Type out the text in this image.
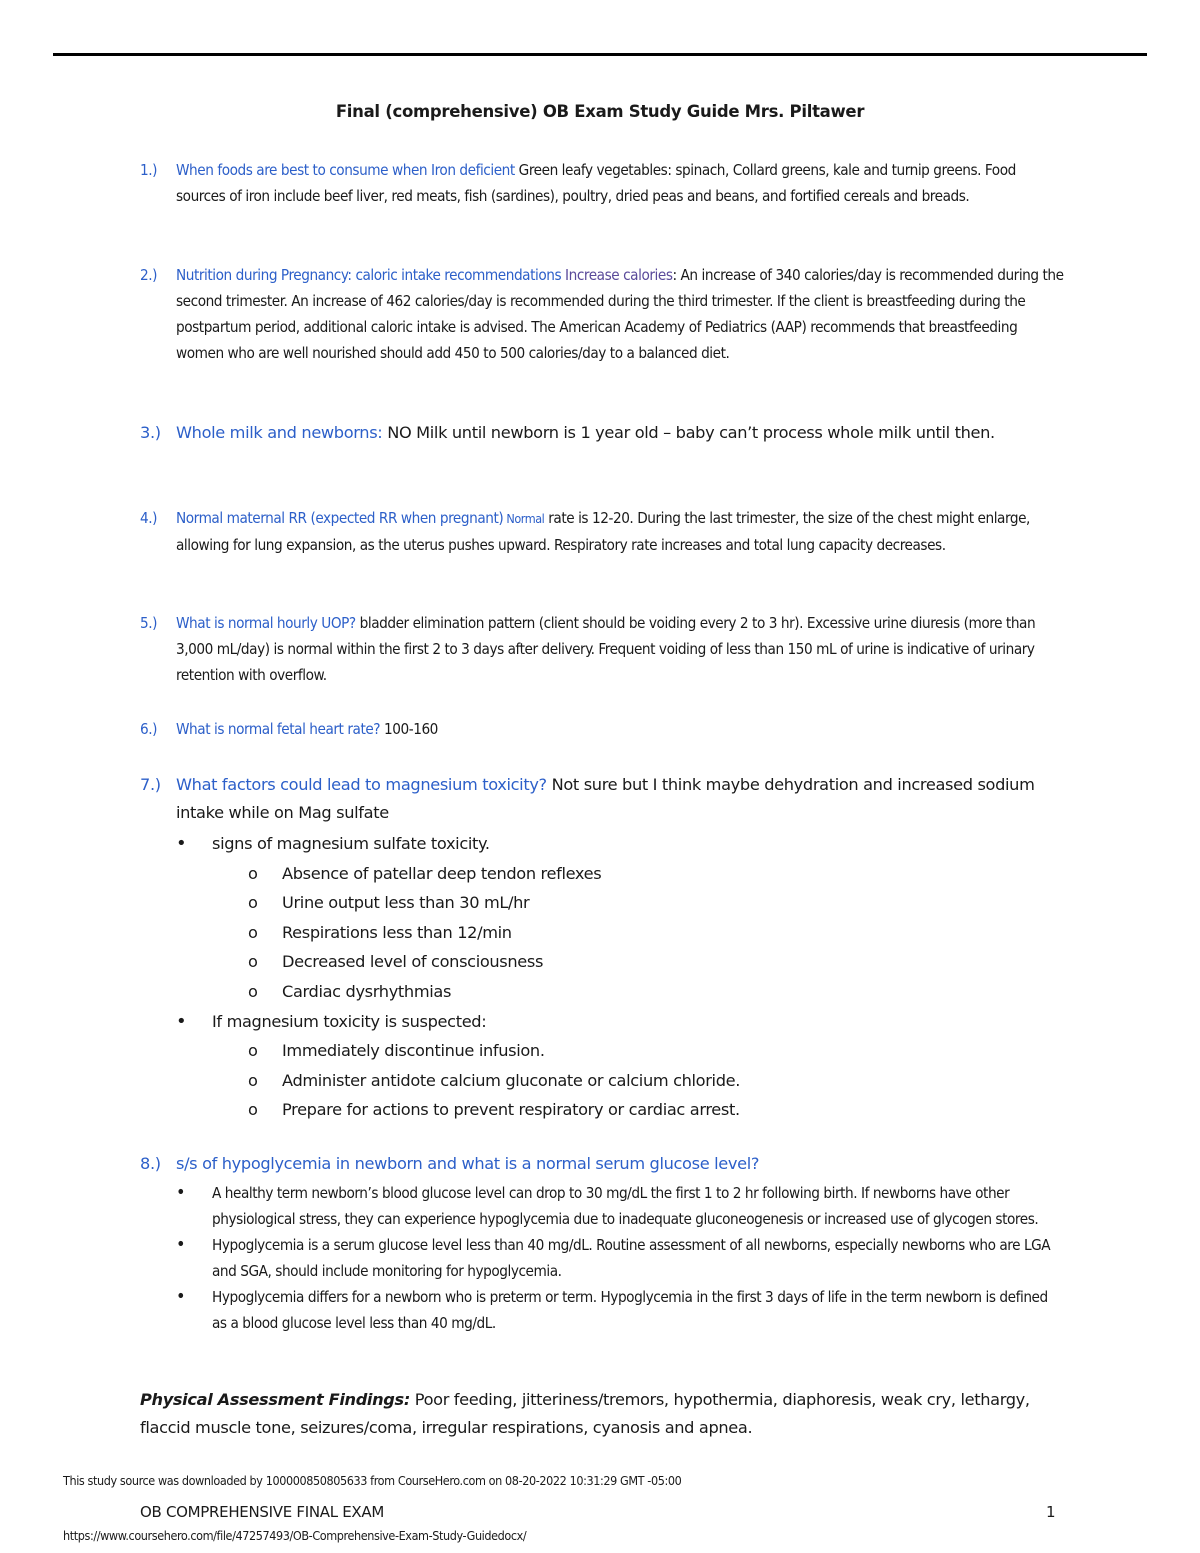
Final (comprehensive) OB Exam Study Guide Mrs. Piltawer
1.) When foods are best to consume when Iron deficient Green leafy vegetables: spinach, Collard greens, kale and turnip greens. Food sources of iron include beef liver, red meats, fish (sardines), poultry, dried peas and beans, and fortified cereals and breads.
2.) Nutrition during Pregnancy: caloric intake recommendations Increase calories: An increase of 340 calories/day is recommended during the second trimester. An increase of 462 calories/day is recommended during the third trimester. If the client is breastfeeding during the postpartum period, additional caloric intake is advised. The American Academy of Pediatrics (AAP) recommends that breastfeeding women who are well nourished should add 450 to 500 calories/day to a balanced diet.
3.) Whole milk and newborns: NO Milk until newborn is 1 year old – baby can’t process whole milk until then.
4.) Normal maternal RR (expected RR when pregnant) Normal rate is 12-20. During the last trimester, the size of the chest might enlarge, allowing for lung expansion, as the uterus pushes upward. Respiratory rate increases and total lung capacity decreases.
5.) What is normal hourly UOP? bladder elimination pattern (client should be voiding every 2 to 3 hr). Excessive urine diuresis (more than 3,000 mL/day) is normal within the first 2 to 3 days after delivery. Frequent voiding of less than 150 mL of urine is indicative of urinary retention with overflow.
6.) What is normal fetal heart rate? 100-160
7.) What factors could lead to magnesium toxicity? Not sure but I think maybe dehydration and increased sodium intake while on Mag sulfate
• signs of magnesium sulfate toxicity.
o Absence of patellar deep tendon reflexes
o Urine output less than 30 mL/hr
o Respirations less than 12/min
o Decreased level of consciousness
o Cardiac dysrhythmias
• If magnesium toxicity is suspected:
o Immediately discontinue infusion.
o Administer antidote calcium gluconate or calcium chloride.
o Prepare for actions to prevent respiratory or cardiac arrest.
8.) s/s of hypoglycemia in newborn and what is a normal serum glucose level?
• A healthy term newborn’s blood glucose level can drop to 30 mg/dL the first 1 to 2 hr following birth. If newborns have other physiological stress, they can experience hypoglycemia due to inadequate gluconeogenesis or increased use of glycogen stores.
• Hypoglycemia is a serum glucose level less than 40 mg/dL. Routine assessment of all newborns, especially newborns who are LGA and SGA, should include monitoring for hypoglycemia.
• Hypoglycemia differs for a newborn who is preterm or term. Hypoglycemia in the first 3 days of life in the term newborn is defined as a blood glucose level less than 40 mg/dL.
Physical Assessment Findings: Poor feeding, jitteriness/tremors, hypothermia, diaphoresis, weak cry, lethargy, flaccid muscle tone, seizures/coma, irregular respirations, cyanosis and apnea.
This study source was downloaded by 100000850805633 from CourseHero.com on 08-20-2022 10:31:29 GMT -05:00
OB COMPREHENSIVE FINAL EXAM	1
https://www.coursehero.com/file/47257493/OB-Comprehensive-Exam-Study-Guidedocx/
